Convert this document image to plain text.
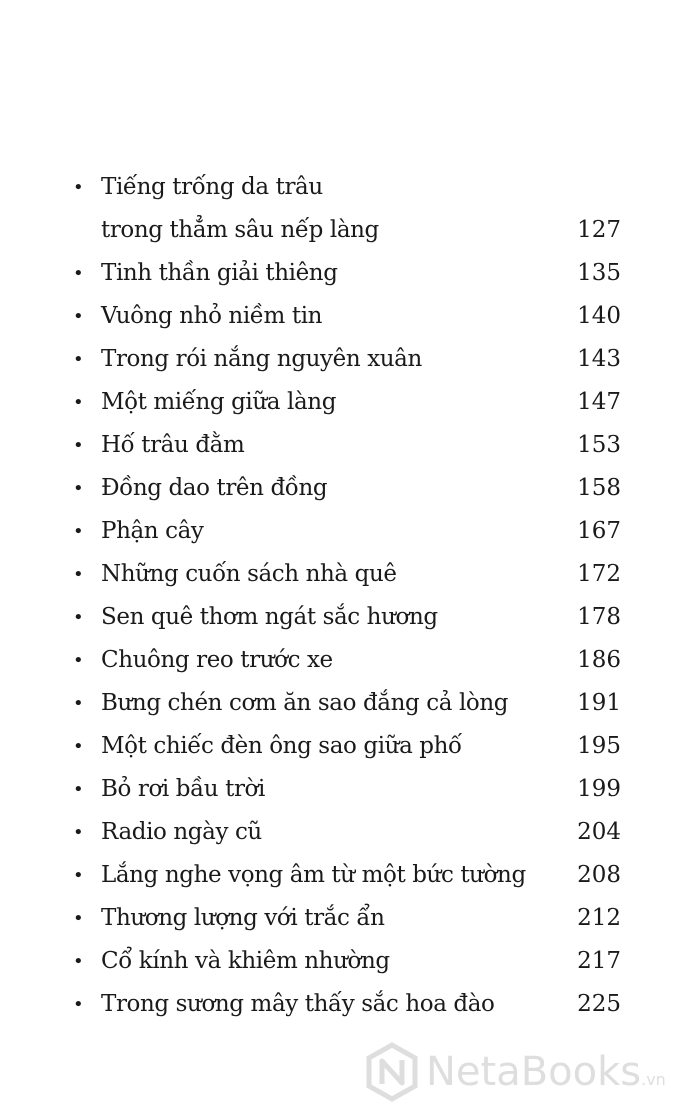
• Tiếng trống da trâu
trong thẳm sâu nếp làng	127
• Tinh thần giải thiêng	135
• Vuông nhỏ niềm tin	140
• Trong rói nắng nguyên xuân	143
• Một miếng giữa làng	147
• Hố trâu đằm	153
• Đồng dao trên đồng	158
• Phận cây	167
• Những cuốn sách nhà quê	172
• Sen quê thơm ngát sắc hương	178
• Chuông reo trước xe	186
• Bưng chén cơm ăn sao đắng cả lòng	191
• Một chiếc đèn ông sao giữa phố	195
• Bỏ rơi bầu trời	199
• Radio ngày cũ	204
• Lắng nghe vọng âm từ một bức tường	208
• Thương lượng với trắc ẩn	212
• Cổ kính và khiêm nhường	217
• Trong sương mây thấy sắc hoa đào	225
NetaBooks .vn
